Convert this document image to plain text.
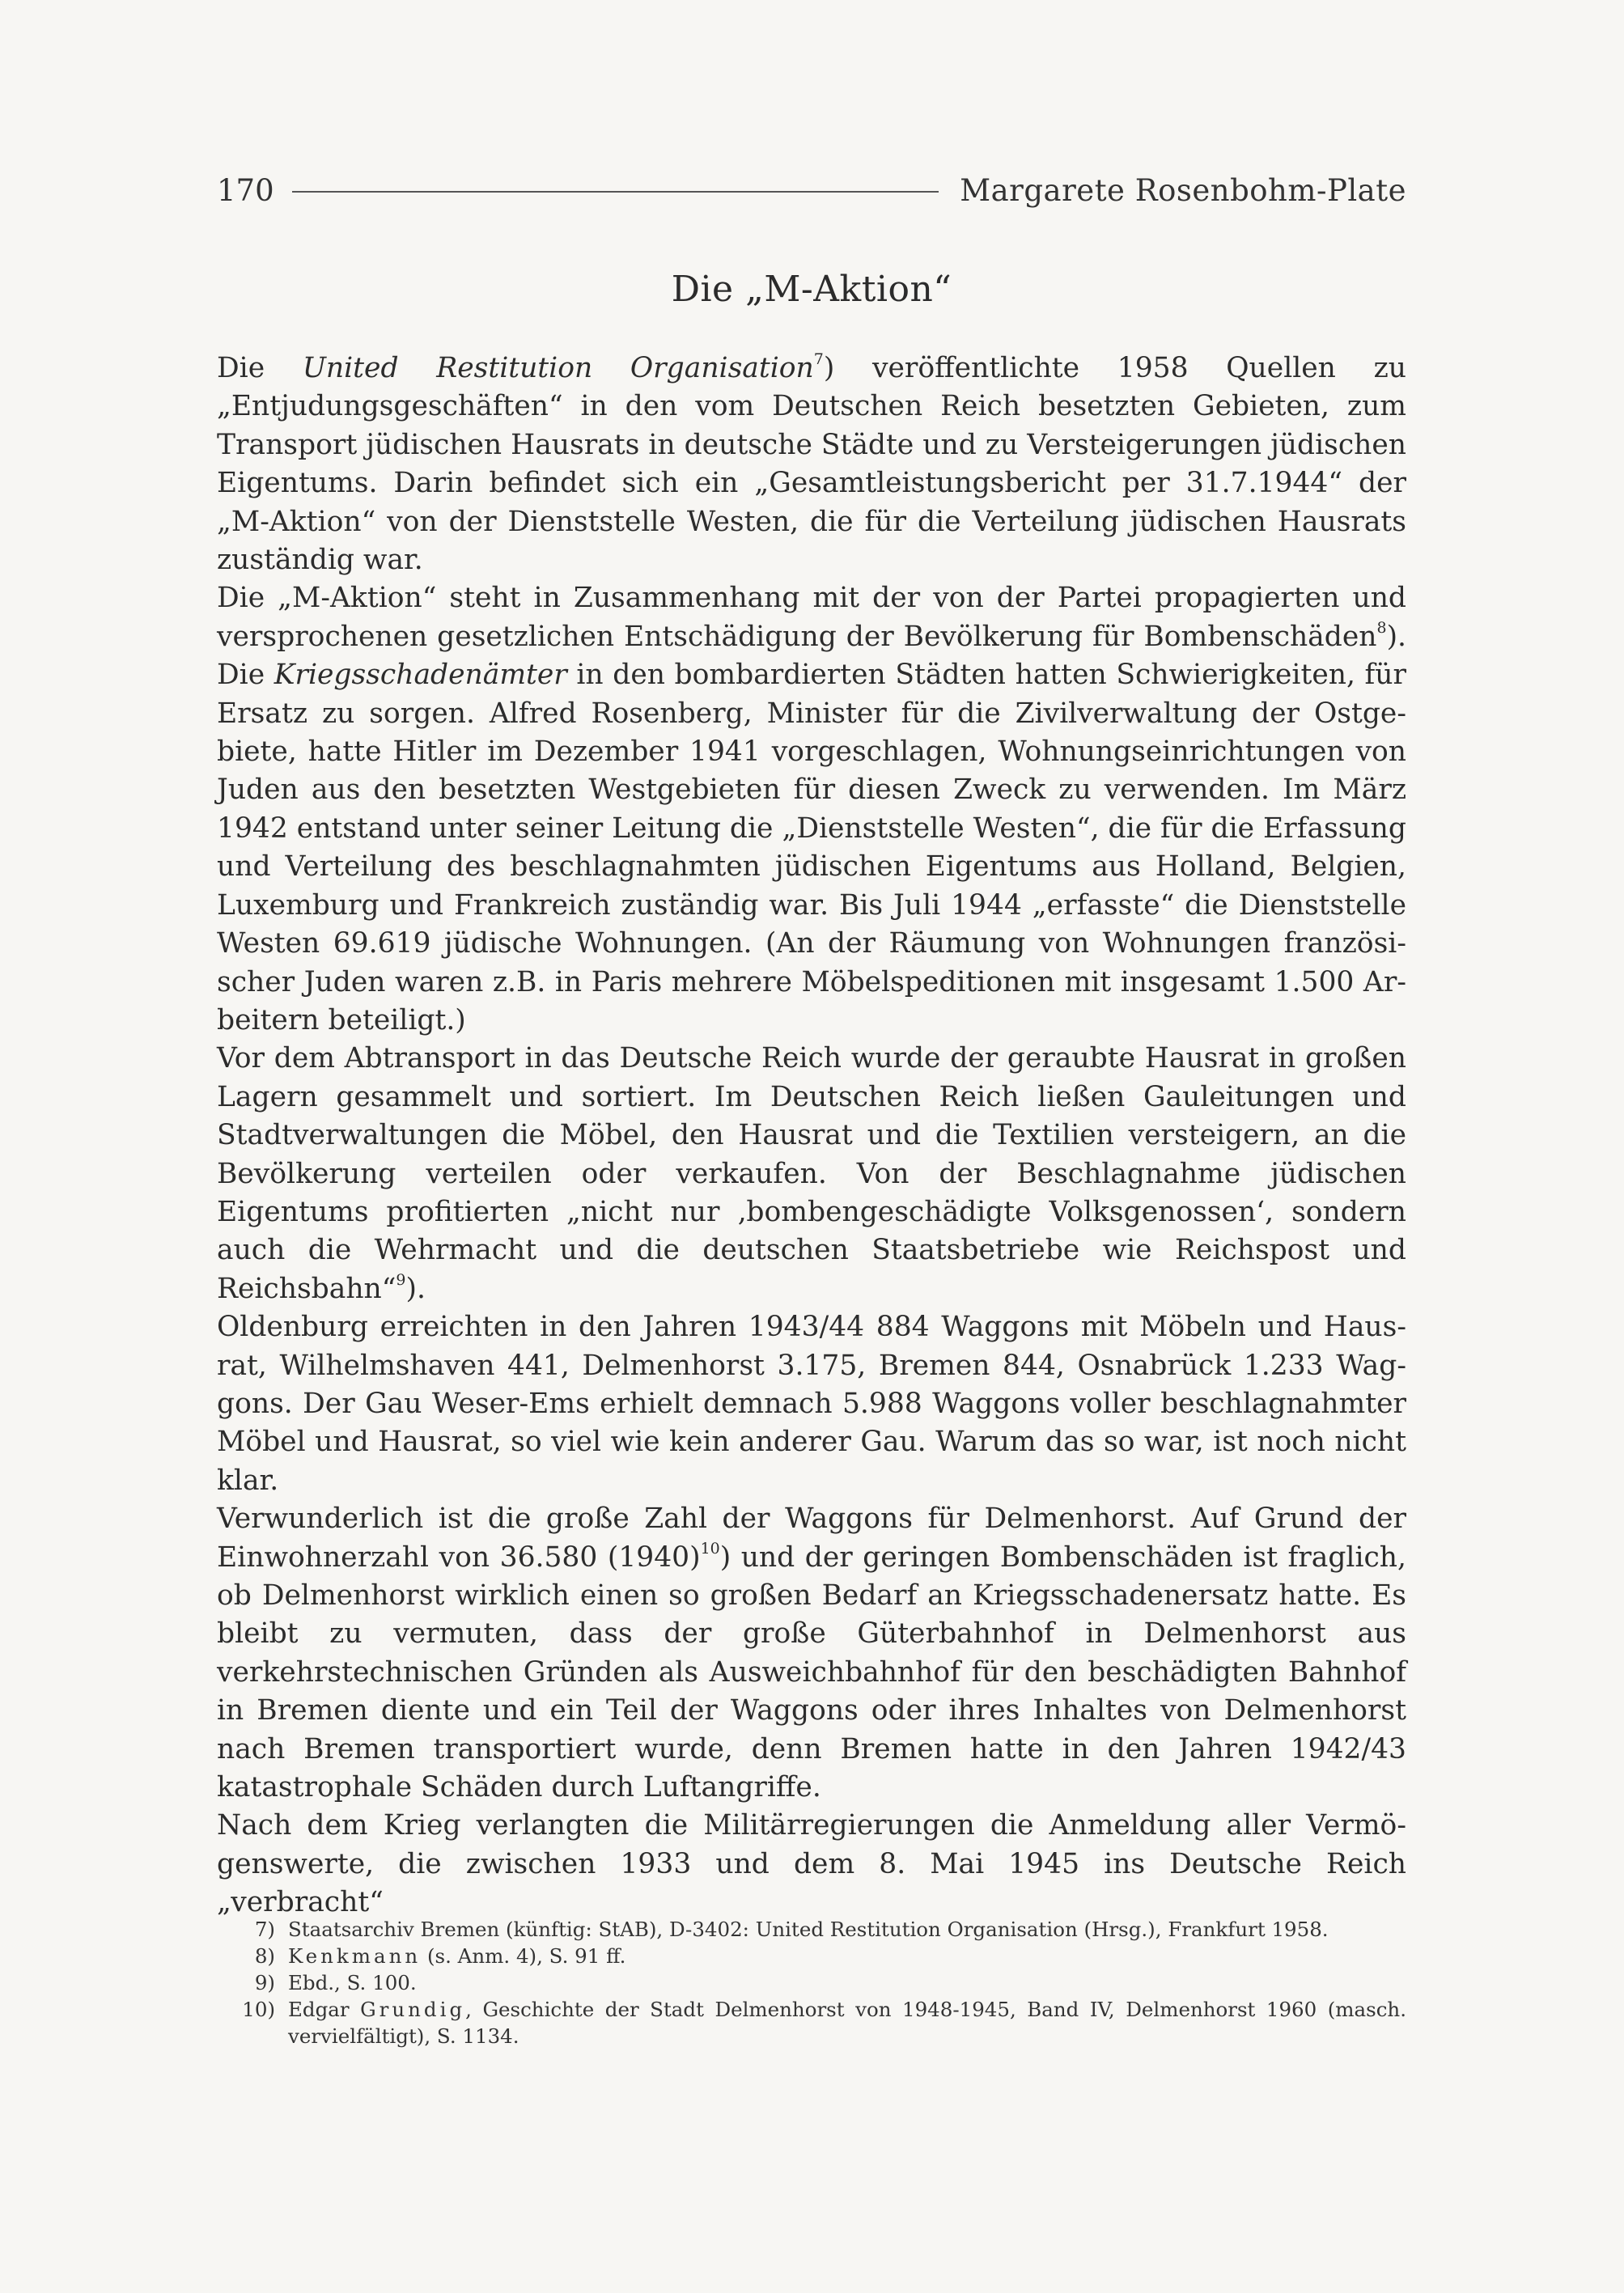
170	Margarete Rosenbohm-Plate
Die „M-Aktion“

Die United Restitution Organisation$^7$) veröffentlichte 1958 Quellen zu „Entjudungsgeschäften“ in den vom Deutschen Reich besetzten Gebieten, zum Transport jüdischen Hausrats in deutsche Städte und zu Versteigerungen jüdischen Eigentums. Darin befindet sich ein „Gesamtleistungsbericht per 31.7.1944“ der „M-Aktion“ von der Dienststelle Westen, die für die Verteilung jüdischen Hausrats zuständig war.

Die „M-Aktion“ steht in Zusammenhang mit der von der Partei propagierten und versprochenen gesetzlichen Entschädigung der Bevölkerung für Bombenschäden$^8$). Die Kriegsschadenämter in den bombardierten Städten hatten Schwierigkeiten, für Ersatz zu sorgen. Alfred Rosenberg, Minister für die Zivilverwaltung der Ostgebiete, hatte Hitler im Dezember 1941 vorgeschlagen, Wohnungseinrichtungen von Juden aus den besetzten Westgebieten für diesen Zweck zu verwenden. Im März 1942 entstand unter seiner Leitung die „Dienststelle Westen“, die für die Erfassung und Verteilung des beschlagnahmten jüdischen Eigentums aus Holland, Belgien, Luxemburg und Frankreich zuständig war. Bis Juli 1944 „erfasste“ die Dienststelle Westen 69.619 jüdische Wohnungen. (An der Räumung von Wohnungen französischer Juden waren z.B. in Paris mehrere Möbelspeditionen mit insgesamt 1.500 Arbeitern beteiligt.)

Vor dem Abtransport in das Deutsche Reich wurde der geraubte Hausrat in großen Lagern gesammelt und sortiert. Im Deutschen Reich ließen Gauleitungen und Stadtverwaltungen die Möbel, den Hausrat und die Textilien versteigern, an die Bevölkerung verteilen oder verkaufen. Von der Beschlagnahme jüdischen Eigentums profitierten „nicht nur ‚bombengeschädigte Volksgenossen‘, sondern auch die Wehrmacht und die deutschen Staatsbetriebe wie Reichspost und Reichsbahn“$^9$).

Oldenburg erreichten in den Jahren 1943/44 884 Waggons mit Möbeln und Hausrat, Wilhelmshaven 441, Delmenhorst 3.175, Bremen 844, Osnabrück 1.233 Waggons. Der Gau Weser-Ems erhielt demnach 5.988 Waggons voller beschlagnahmter Möbel und Hausrat, so viel wie kein anderer Gau. Warum das so war, ist noch nicht klar.

Verwunderlich ist die große Zahl der Waggons für Delmenhorst. Auf Grund der Einwohnerzahl von 36.580 $(1940)^{10}$) und der geringen Bombenschäden ist fraglich, ob Delmenhorst wirklich einen so großen Bedarf an Kriegsschadenersatz hatte. Es bleibt zu vermuten, dass der große Güterbahnhof in Delmenhorst aus verkehrstechnischen Gründen als Ausweichbahnhof für den beschädigten Bahnhof in Bremen diente und ein Teil der Waggons oder ihres Inhaltes von Delmenhorst nach Bremen transportiert wurde, denn Bremen hatte in den Jahren 1942/43 katastrophale Schäden durch Luftangriffe.

Nach dem Krieg verlangten die Militärregierungen die Anmeldung aller Vermögenswerte, die zwischen 1933 und dem 8. Mai 1945 ins Deutsche Reich „verbracht“

7) Staatsarchiv Bremen (künftig: StAB), D-3402: United Restitution Organisation (Hrsg.), Frankfurt 1958.
8) Kenkmann (s. Anm. 4), S. 91 ff.
9) Ebd., S. 100.
10) Edgar Grundig, Geschichte der Stadt Delmenhorst von 1948-1945, Band IV, Delmenhorst 1960 (masch. vervielfältigt), S. 1134.
